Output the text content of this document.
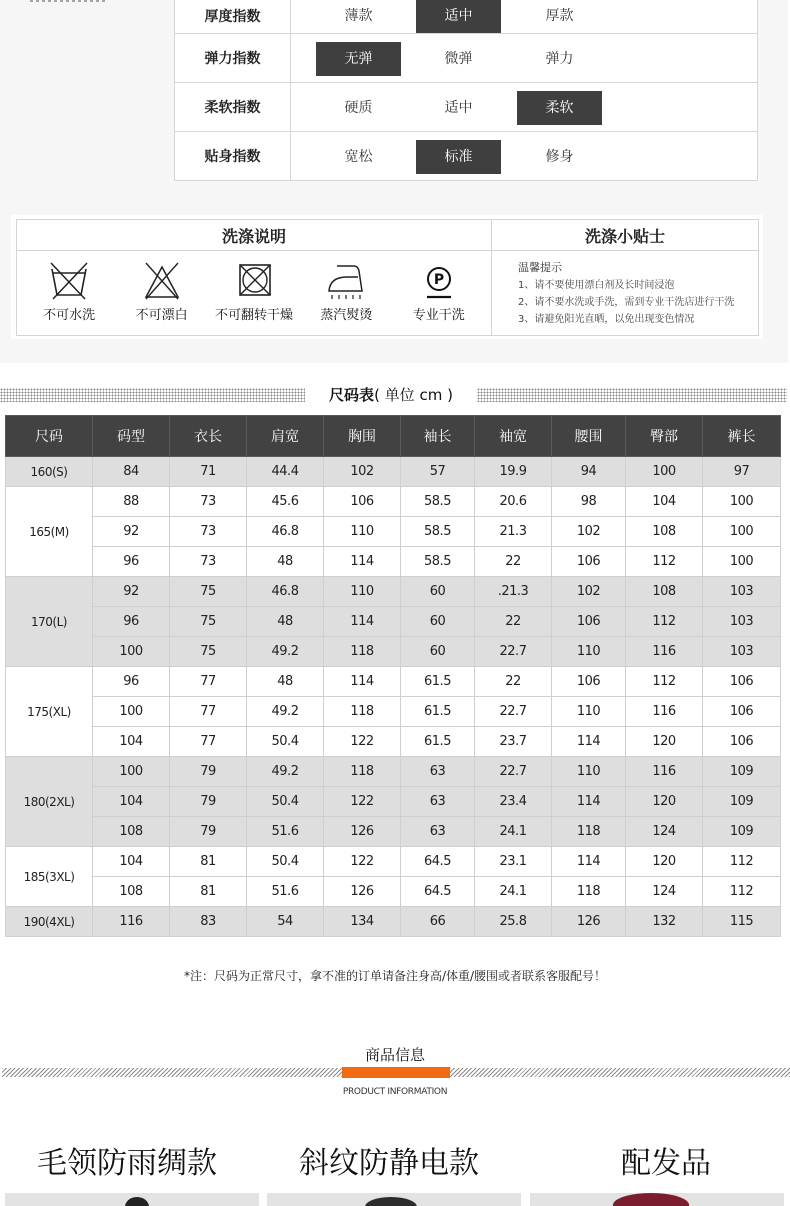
厚度指数	薄款 适中 厚款

弹力指数	无弹 微弹 弹力

柔软指数	硬质 适中 柔软

贴身指数	宽松 标准 修身
洗涤说明	洗涤小贴士

不可水洗	不可漂白 不可翻转干燥 蒸汽熨烫
P
专业干洗

温馨提示
1、请不要使用漂白剂及长时间浸泡
2、请不要水洗或手洗，需到专业干洗店进行干洗
3、请避免阳光直晒，以免出现变色情况
尺码表( 单位 cm )
尺码	码型	衣长	肩宽	胸围	袖长	袖宽	腰围	臀部	裤长
160(S)	84	71	44.4	102	57	19.9	94	100	97
165(M)	88	73	45.6	106	58.5	20.6	98	104	100
	92	73	46.8	110	58.5	21.3	102	108	100
	96	73	48	114	58.5	22	106	112	100
170(L)	92	75	46.8	110	60	.21.3	102	108	103
	96	75	48	114	60	22	106	112	103
	100	75	49.2	118	60	22.7	110	116	103
175(XL)	96	77	48	114	61.5	22	106	112	106
	100	77	49.2	118	61.5	22.7	110	116	106
	104	77	50.4	122	61.5	23.7	114	120	106
180(2XL)	100	79	49.2	118	63	22.7	110	116	109
	104	79	50.4	122	63	23.4	114	120	109
	108	79	51.6	126	63	24.1	118	124	109
185(3XL)	104	81	50.4	122	64.5	23.1	114	120	112
	108	81	51.6	126	64.5	24.1	118	124	112
190(4XL)	116	83	54	134	66	25.8	126	132	115
*注：尺码为正常尺寸，拿不准的订单请备注身高/体重/腰围或者联系客服配号！
商品信息
PRODUCT INFORMATION
毛领防雨绸款	斜纹防静电款	配发品
